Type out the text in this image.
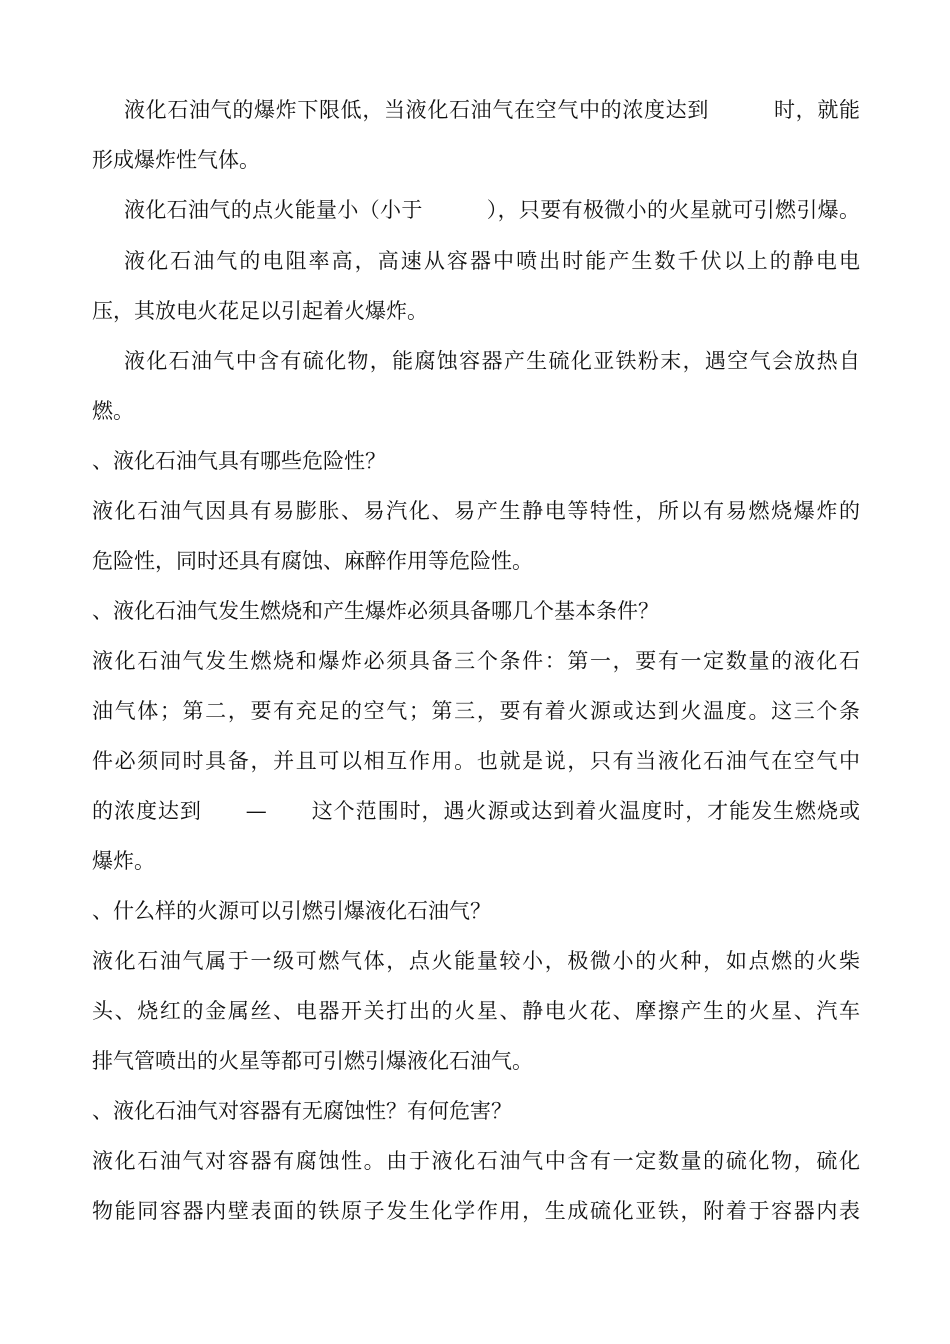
液化石油气的爆炸下限低，当液化石油气在空气中的浓度达到　　　时，就能
形成爆炸性气体。
液化石油气的点火能量小（小于　　　），只要有极微小的火星就可引燃引爆。
液化石油气的电阻率高，高速从容器中喷出时能产生数千伏以上的静电电
压，其放电火花足以引起着火爆炸。
液化石油气中含有硫化物，能腐蚀容器产生硫化亚铁粉末，遇空气会放热自
燃。
、液化石油气具有哪些危险性？
液化石油气因具有易膨胀、易汽化、易产生静电等特性，所以有易燃烧爆炸的
危险性，同时还具有腐蚀、麻醉作用等危险性。
、液化石油气发生燃烧和产生爆炸必须具备哪几个基本条件？
液化石油气发生燃烧和爆炸必须具备三个条件：第一，要有一定数量的液化石
油气体；第二，要有充足的空气；第三，要有着火源或达到火温度。这三个条
件必须同时具备，并且可以相互作用。也就是说，只有当液化石油气在空气中
的浓度达到　　—　　这个范围时，遇火源或达到着火温度时，才能发生燃烧或
爆炸。
、什么样的火源可以引燃引爆液化石油气？
液化石油气属于一级可燃气体，点火能量较小，极微小的火种，如点燃的火柴
头、烧红的金属丝、电器开关打出的火星、静电火花、摩擦产生的火星、汽车
排气管喷出的火星等都可引燃引爆液化石油气。
、液化石油气对容器有无腐蚀性？有何危害？
液化石油气对容器有腐蚀性。由于液化石油气中含有一定数量的硫化物，硫化
物能同容器内壁表面的铁原子发生化学作用，生成硫化亚铁，附着于容器内表
